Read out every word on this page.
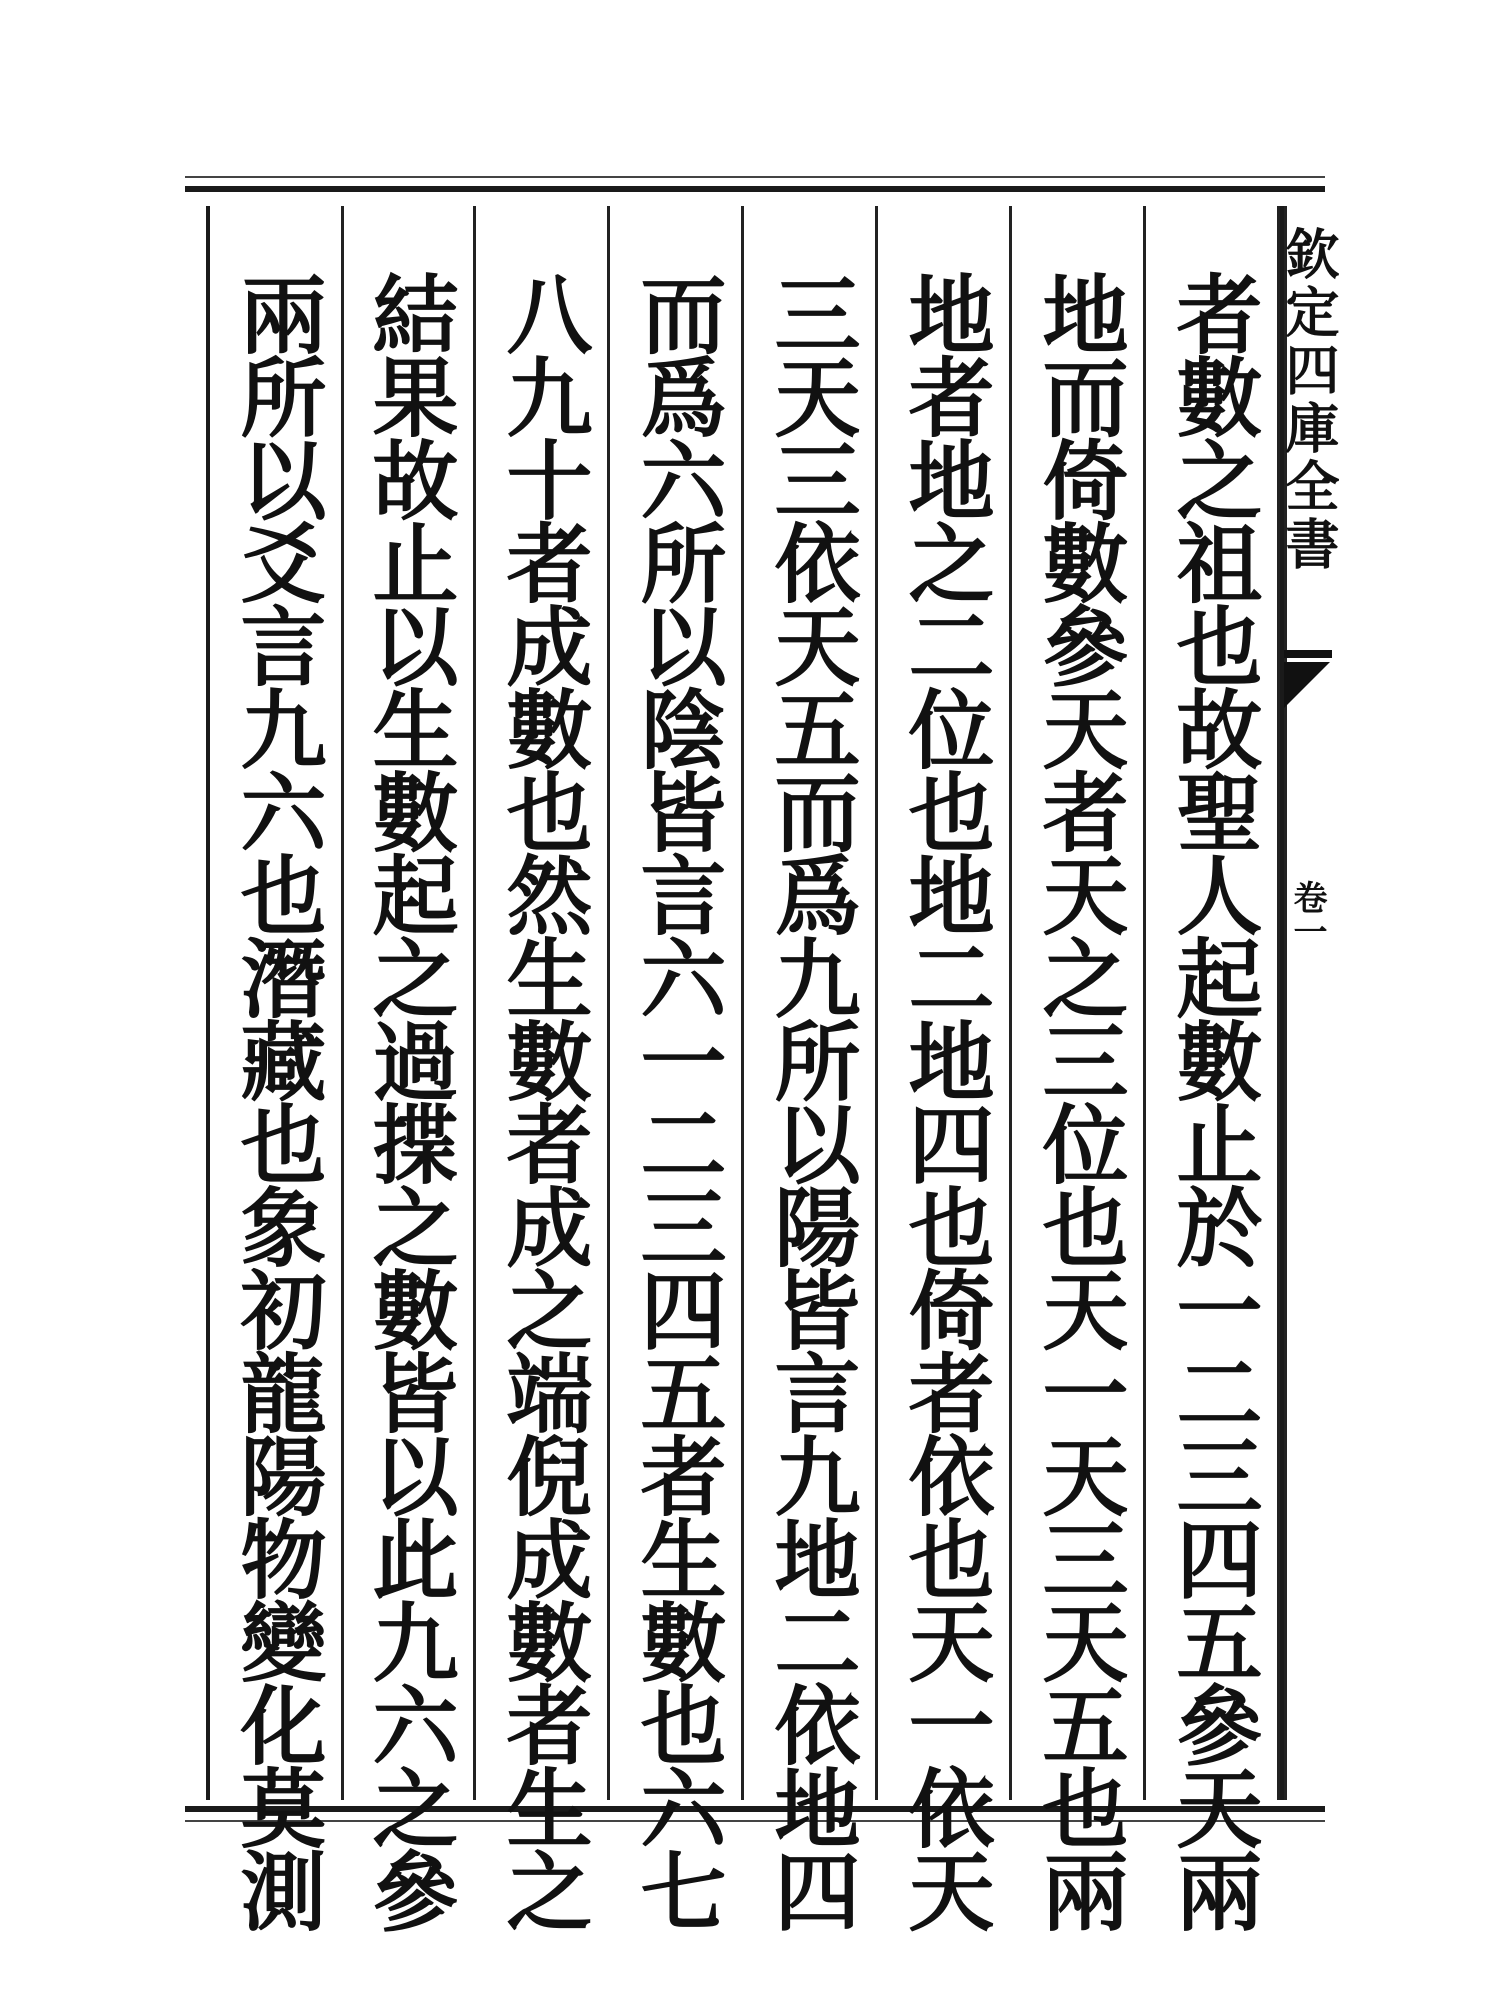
者數之祖也故聖人起數止於一二三四五參天兩
地而倚數參天者天之三位也天一天三天五也兩
地者地之二位也地二地四也倚者依也天一依天
三天三依天五而爲九所以陽皆言九地二依地四
而爲六所以陰皆言六一二三四五者生數也六七
八九十者成數也然生數者成之端倪成數者生之
結果故止以生數起之過揲之數皆以此九六之參
兩所以爻言九六也潛藏也象初龍陽物變化莫測	欽定四庫全書
卷一
